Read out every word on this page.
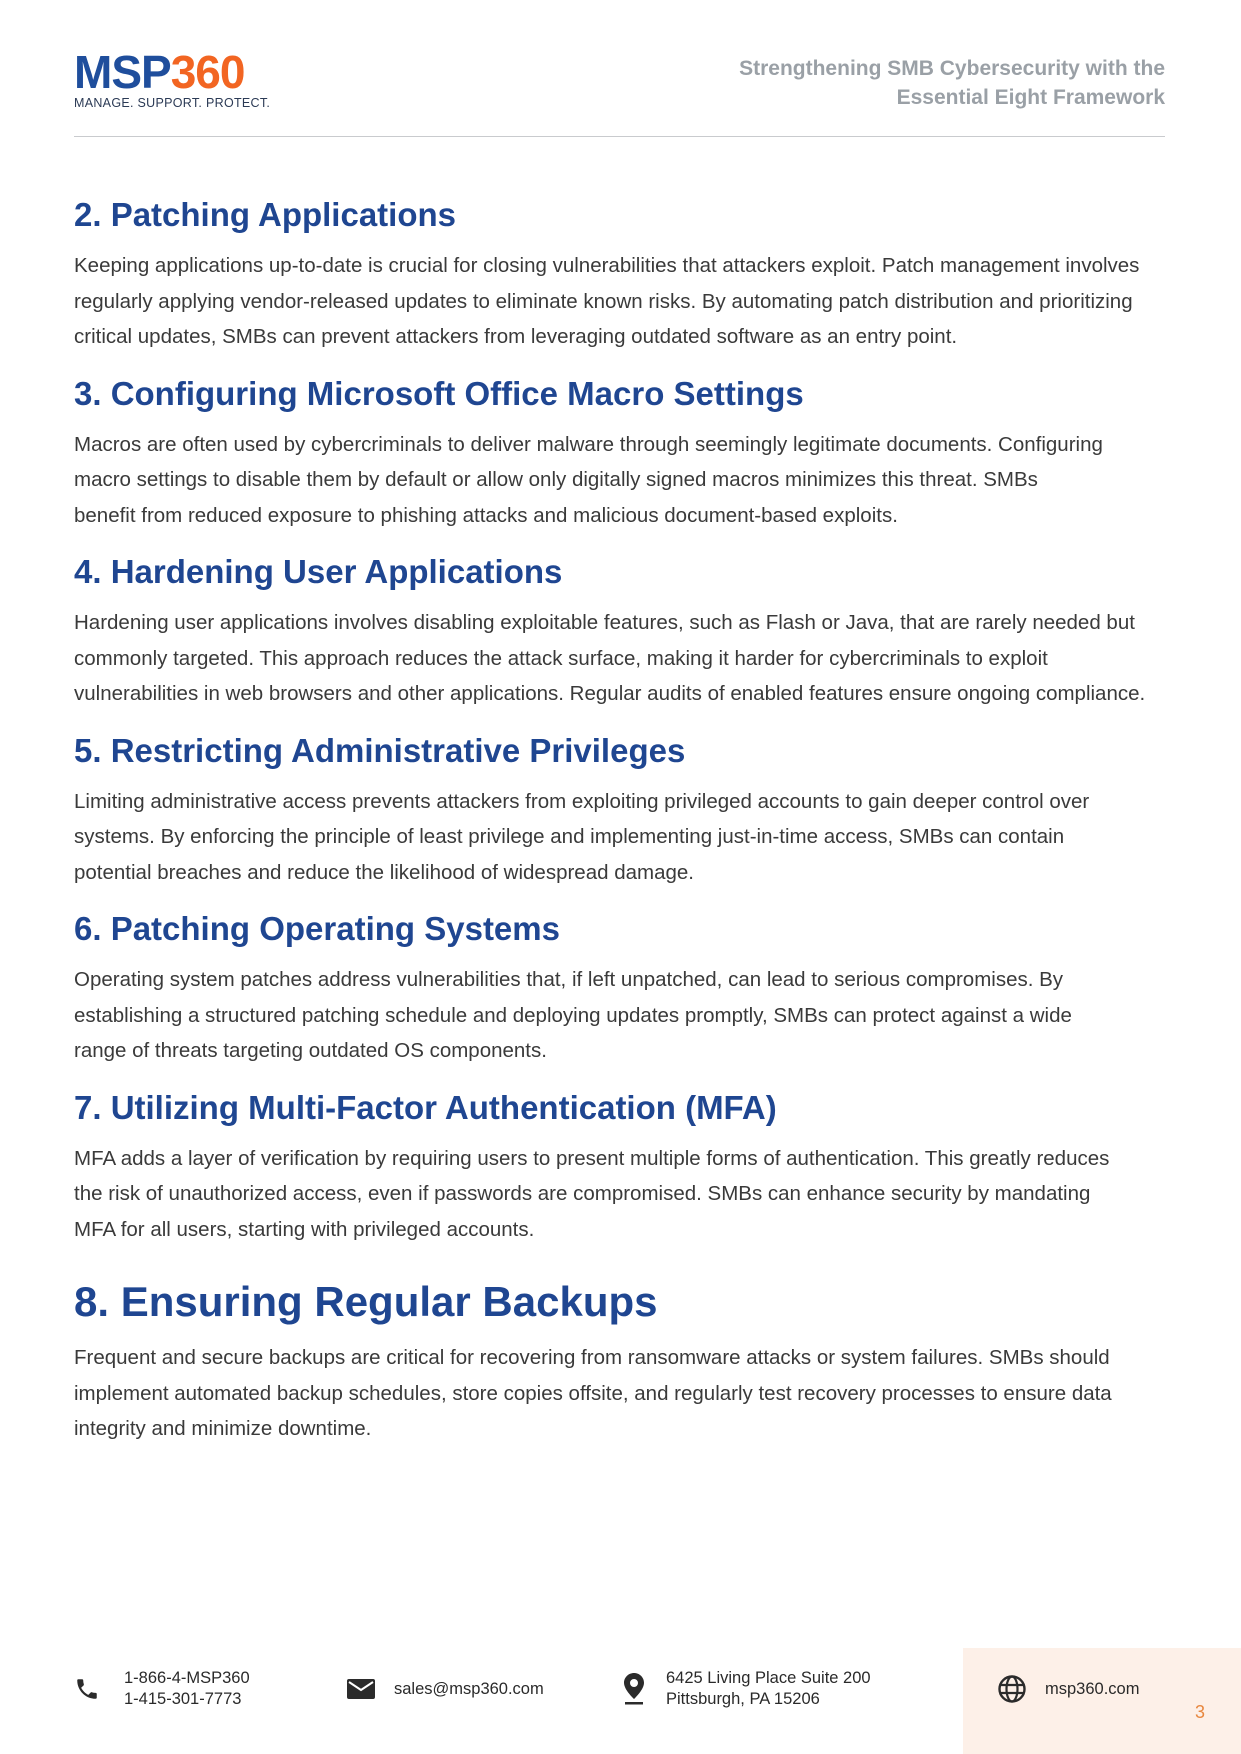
MSP360
MANAGE. SUPPORT. PROTECT.
Strengthening SMB Cybersecurity with the
Essential Eight Framework
2. Patching Applications

Keeping applications up-to-date is crucial for closing vulnerabilities that attackers exploit. Patch management involves regularly applying vendor-released updates to eliminate known risks. By automating patch distribution and prioritizing critical updates, SMBs can prevent attackers from leveraging outdated software as an entry point.

3. Configuring Microsoft Office Macro Settings

Macros are often used by cybercriminals to deliver malware through seemingly legitimate documents. Configuring macro settings to disable them by default or allow only digitally signed macros minimizes this threat. SMBs benefit from reduced exposure to phishing attacks and malicious document-based exploits.

4. Hardening User Applications

Hardening user applications involves disabling exploitable features, such as Flash or Java, that are rarely needed but commonly targeted. This approach reduces the attack surface, making it harder for cybercriminals to exploit vulnerabilities in web browsers and other applications. Regular audits of enabled features ensure ongoing compliance.

5. Restricting Administrative Privileges

Limiting administrative access prevents attackers from exploiting privileged accounts to gain deeper control over systems. By enforcing the principle of least privilege and implementing just-in-time access, SMBs can contain potential breaches and reduce the likelihood of widespread damage.

6. Patching Operating Systems

Operating system patches address vulnerabilities that, if left unpatched, can lead to serious compromises. By establishing a structured patching schedule and deploying updates promptly, SMBs can protect against a wide range of threats targeting outdated OS components.

7. Utilizing Multi-Factor Authentication (MFA)

MFA adds a layer of verification by requiring users to present multiple forms of authentication. This greatly reduces the risk of unauthorized access, even if passwords are compromised. SMBs can enhance security by mandating MFA for all users, starting with privileged accounts.

8. Ensuring Regular Backups

Frequent and secure backups are critical for recovering from ransomware attacks or system failures. SMBs should implement automated backup schedules, store copies offsite, and regularly test recovery processes to ensure data integrity and minimize downtime.

1-866-4-MSP360
1-415-301-7773
sales@msp360.com
6425 Living Place Suite 200
Pittsburgh, PA 15206
msp360.com
3
